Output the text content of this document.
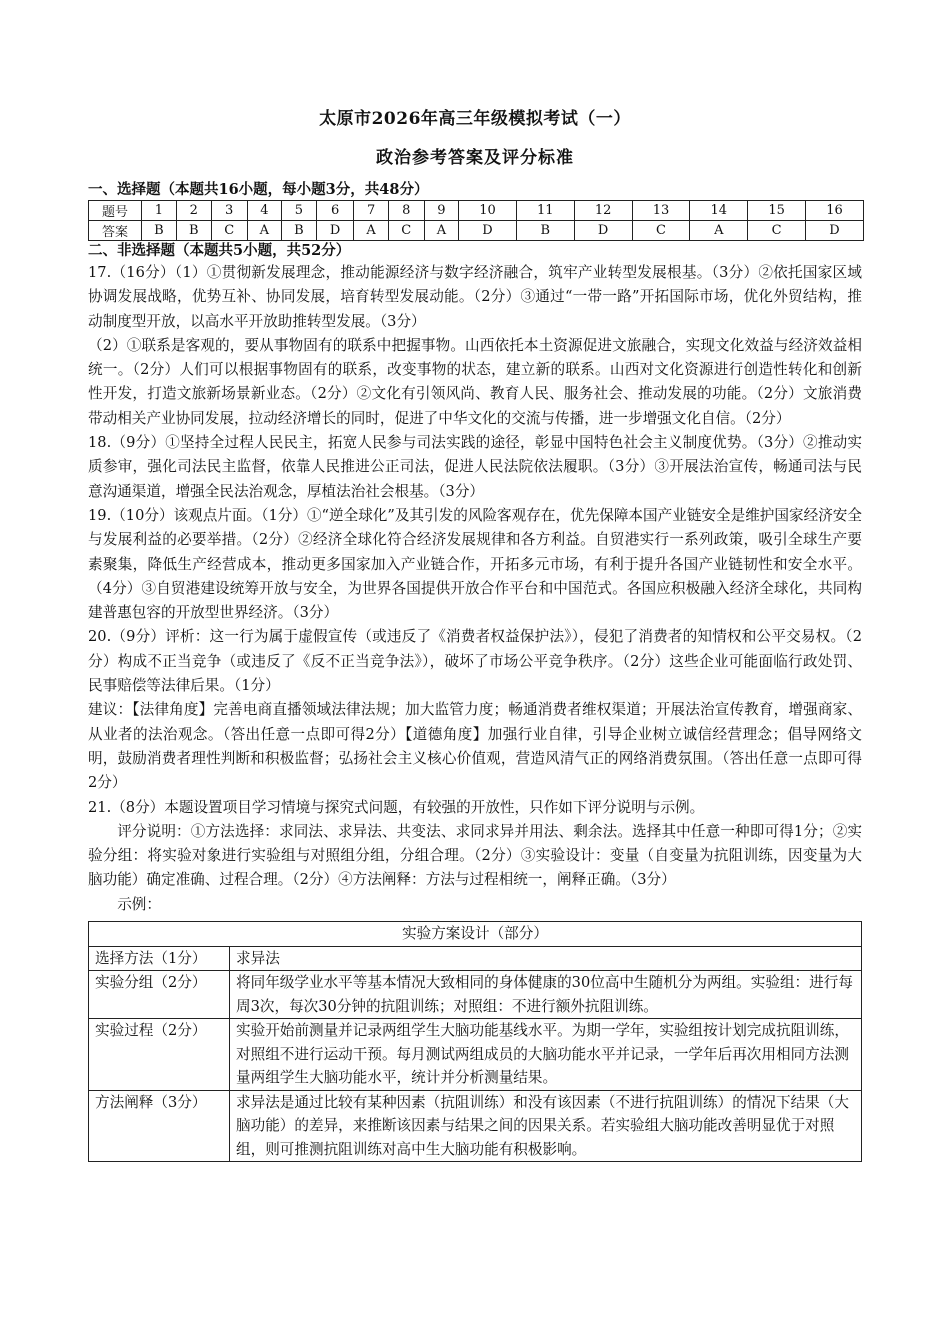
太原市2026年高三年级模拟考试（一）
政治参考答案及评分标准
一、选择题（本题共16小题，每小题3分，共48分）
题号	1	2	3	4	5	6	7	8	9	10	11	12	13	14	15	16
答案	B	B	C	A	B	D	A	C	A	D	B	D	C	A	C	D
二、非选择题（本题共5小题，共52分）

17.（16分）（1）①贯彻新发展理念，推动能源经济与数字经济融合，筑牢产业转型发展根基。（3分）②依托国家区域协调发展战略，优势互补、协同发展，培育转型发展动能。（2分）③通过“一带一路”开拓国际市场，优化外贸结构，推动制度型开放，以高水平开放助推转型发展。（3分）

（2）①联系是客观的，要从事物固有的联系中把握事物。山西依托本土资源促进文旅融合，实现文化效益与经济效益相统一。（2分）人们可以根据事物固有的联系，改变事物的状态，建立新的联系。山西对文化资源进行创造性转化和创新性开发，打造文旅新场景新业态。（2分）②文化有引领风尚、教育人民、服务社会、推动发展的功能。（2分）文旅消费带动相关产业协同发展，拉动经济增长的同时，促进了中华文化的交流与传播，进一步增强文化自信。（2分）

18.（9分）①坚持全过程人民民主，拓宽人民参与司法实践的途径，彰显中国特色社会主义制度优势。（3分）②推动实质参审，强化司法民主监督，依靠人民推进公正司法，促进人民法院依法履职。（3分）③开展法治宣传，畅通司法与民意沟通渠道，增强全民法治观念，厚植法治社会根基。（3分）

19.（10分）该观点片面。（1分）①“逆全球化”及其引发的风险客观存在，优先保障本国产业链安全是维护国家经济安全与发展利益的必要举措。（2分）②经济全球化符合经济发展规律和各方利益。自贸港实行一系列政策，吸引全球生产要素聚集，降低生产经营成本，推动更多国家加入产业链合作，开拓多元市场，有利于提升各国产业链韧性和安全水平。（4分）③自贸港建设统筹开放与安全，为世界各国提供开放合作平台和中国范式。各国应积极融入经济全球化，共同构建普惠包容的开放型世界经济。（3分）

20.（9分）评析：这一行为属于虚假宣传（或违反了《消费者权益保护法》），侵犯了消费者的知情权和公平交易权。（2分）构成不正当竞争（或违反了《反不正当竞争法》），破坏了市场公平竞争秩序。（2分）这些企业可能面临行政处罚、民事赔偿等法律后果。（1分）

建议：【法律角度】完善电商直播领域法律法规；加大监管力度；畅通消费者维权渠道；开展法治宣传教育，增强商家、从业者的法治观念。（答出任意一点即可得2分）【道德角度】加强行业自律，引导企业树立诚信经营理念；倡导网络文明，鼓励消费者理性判断和积极监督；弘扬社会主义核心价值观，营造风清气正的网络消费氛围。（答出任意一点即可得2分）

21.（8分）本题设置项目学习情境与探究式问题，有较强的开放性，只作如下评分说明与示例。

评分说明：①方法选择：求同法、求异法、共变法、求同求异并用法、剩余法。选择其中任意一种即可得1分；②实验分组：将实验对象进行实验组与对照组分组，分组合理。（2分）③实验设计：变量（自变量为抗阻训练，因变量为大脑功能）确定准确、过程合理。（2分）④方法阐释：方法与过程相统一，阐释正确。（3分）

示例：

实验方案设计（部分）	
选择方法（1分）	求异法
实验分组（2分）	将同年级学业水平等基本情况大致相同的身体健康的30位高中生随机分为两组。实验组：进行每周3次，每次30分钟的抗阻训练；对照组：不进行额外抗阻训练。
实验过程（2分）	实验开始前测量并记录两组学生大脑功能基线水平。为期一学年，实验组按计划完成抗阻训练，对照组不进行运动干预。每月测试两组成员的大脑功能水平并记录，一学年后再次用相同方法测量两组学生大脑功能水平，统计并分析测量结果。
方法阐释（3分）	求异法是通过比较有某种因素（抗阻训练）和没有该因素（不进行抗阻训练）的情况下结果（大脑功能）的差异，来推断该因素与结果之间的因果关系。若实验组大脑功能改善明显优于对照组，则可推测抗阻训练对高中生大脑功能有积极影响。
